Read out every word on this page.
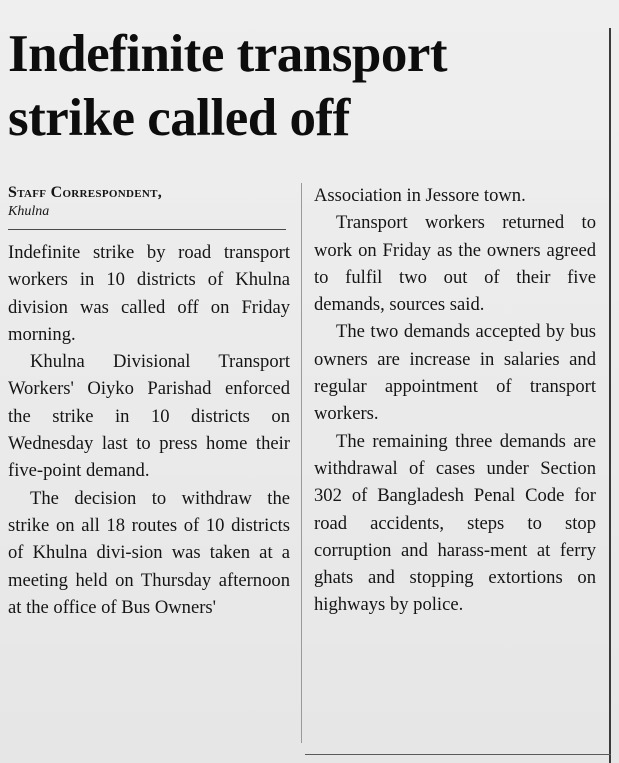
Indefinite transport
strike called off
Staff Correspondent,
Khulna

Indefinite strike by road transport workers in 10 districts of Khulna division was called off on Friday morning.

Khulna Divisional Transport Workers' Oiyko Parishad enforced the strike in 10 districts on Wednesday last to press home their five-point demand.

The decision to withdraw the strike on all 18 routes of 10 districts of Khulna divi-sion was taken at a meeting held on Thursday afternoon at the office of Bus Owners'

Association in Jessore town.

Transport workers returned to work on Friday as the owners agreed to fulfil two out of their five demands, sources said.

The two demands accepted by bus owners are increase in salaries and regular appointment of transport workers.

The remaining three demands are withdrawal of cases under Section 302 of Bangladesh Penal Code for road accidents, steps to stop corruption and harass-ment at ferry ghats and stopping extortions on highways by police.
